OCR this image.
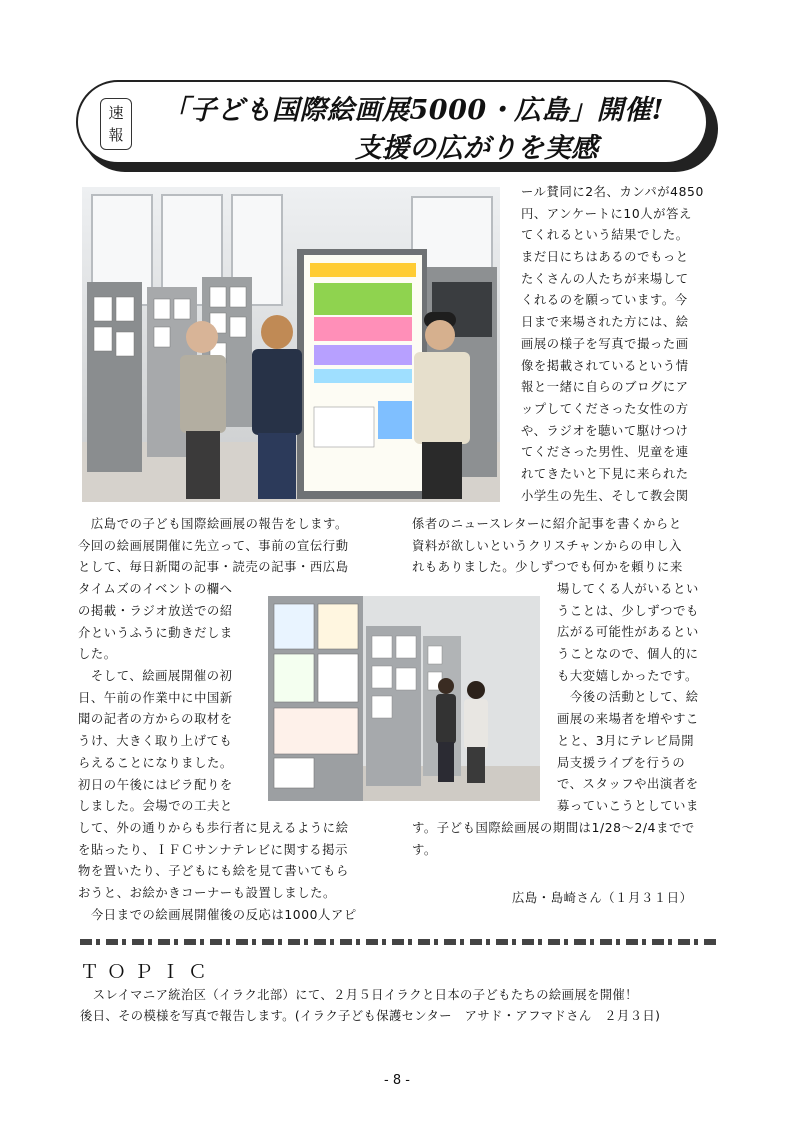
速
報
「子ども国際絵画展5000・広島」開催!
支援の広がりを実感
ール賛同に2名、カンパが4850
円、アンケートに10人が答え
てくれるという結果でした。
まだ日にちはあるのでもっと
たくさんの人たちが来場して
くれるのを願っています。今
日まで来場された方には、絵
画展の様子を写真で撮った画
像を掲載されているという情
報と一緒に自らのブログにア
ップしてくださった女性の方
や、ラジオを聴いて駆けつけ
てくださった男性、児童を連
れてきたいと下見に来られた
小学生の先生、そして教会関
　広島での子ども国際絵画展の報告をします。
今回の絵画展開催に先立って、事前の宣伝行動
として、毎日新聞の記事・読売の記事・西広島
タイムズのイベントの欄へ
係者のニュースレターに紹介記事を書くからと
資料が欲しいというクリスチャンからの申し入
れもありました。少しずつでも何かを頼りに来
の掲載・ラジオ放送での紹
介というふうに動きだしま
した。
　そして、絵画展開催の初
日、午前の作業中に中国新
聞の記者の方からの取材を
うけ、大きく取り上げても
らえることになりました。
初日の午後にはビラ配りを
しました。会場での工夫と
場してくる人がいるとい
うことは、少しずつでも
広がる可能性があるとい
うことなので、個人的に
も大変嬉しかったです。
　今後の活動として、絵
画展の来場者を増やすこ
とと、3月にテレビ局開
局支援ライブを行うの
で、スタッフや出演者を
募っていこうとしていま
して、外の通りからも歩行者に見えるように絵
を貼ったり、ＩＦＣサンナテレビに関する掲示
物を置いたり、子どもにも絵を見て書いてもら
おうと、お絵かきコーナーも設置しました。
　今日までの絵画展開催後の反応は1000人アピ
す。子ども国際絵画展の期間は1/28～2/4までで
す。
広島・島崎さん（１月３１日）
ＴＯＰＩＣ
　スレイマニア統治区（イラク北部）にて、２月５日イラクと日本の子どもたちの絵画展を開催！
後日、その模様を写真で報告します。(イラク子ども保護センター　アサド・アフマドさん　２月３日)
- 8 -
